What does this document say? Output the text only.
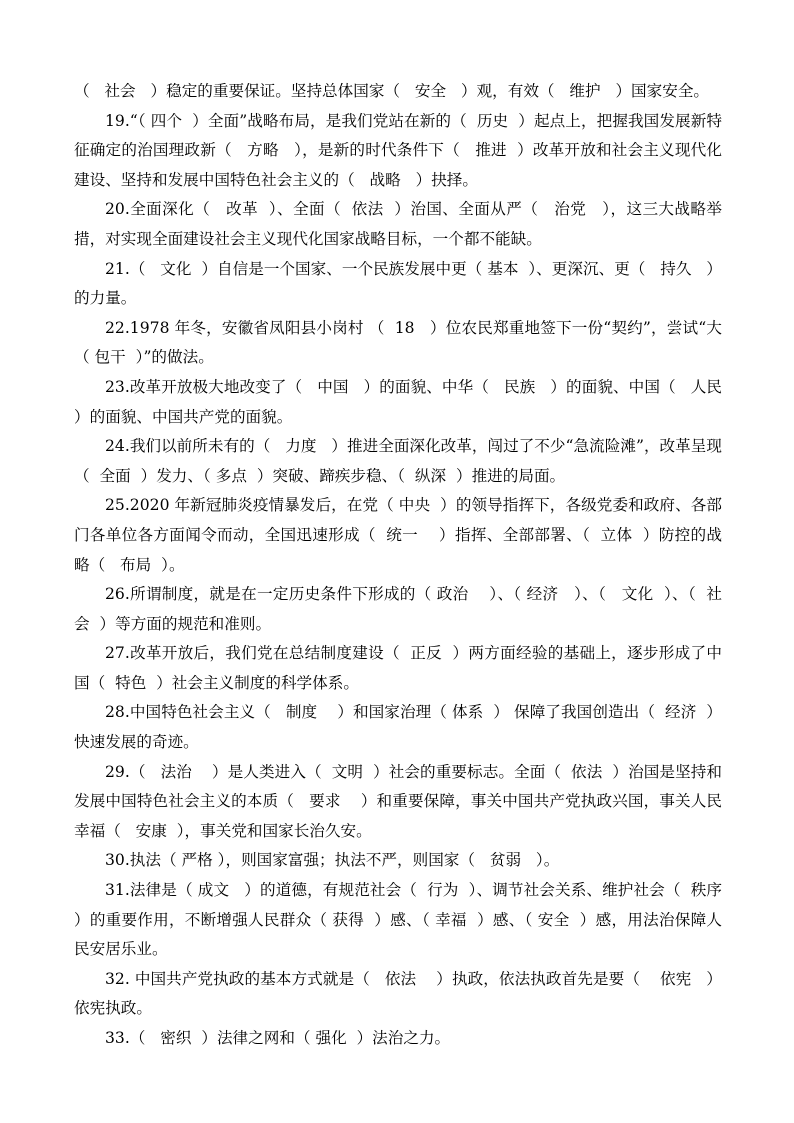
（   社会   ）稳定的重要保证。坚持总体国家（   安全   ）观，有效（   维护   ）国家安全。

19.“（ 四个  ）全面”战略布局，是我们党站在新的（  历史  ）起点上，把握我国发展新特征确定的治国理政新（   方略   ），是新的时代条件下（   推进  ）改革开放和社会主义现代化建设、坚持和发展中国特色社会主义的（   战略   ）抉择。

20.全面深化（   改革  ）、全面（  依法  ）治国、全面从严（   治党   ），这三大战略举措，对实现全面建设社会主义现代化国家战略目标，一个都不能缺。

21.（   文化  ）自信是一个国家、一个民族发展中更（ 基本  ）、更深沉、更（   持久   ）的力量。

22.1978 年冬，安徽省凤阳县小岗村 （  18   ）位农民郑重地签下一份“契约”，尝试“大（ 包干  ）”的做法。

23.改革开放极大地改变了（   中国   ）的面貌、中华（   民族   ）的面貌、中国（   人民  ）的面貌、中国共产党的面貌。

24.我们以前所未有的（   力度   ）推进全面深化改革，闯过了不少“急流险滩”，改革呈现（  全面  ）发力、（ 多点  ）突破、蹄疾步稳、（  纵深  ）推进的局面。

25.2020 年新冠肺炎疫情暴发后，在党（ 中央  ）的领导指挥下，各级党委和政府、各部门各单位各方面闻令而动，全国迅速形成（  统一    ）指挥、全部部署、（  立体  ）防控的战略（   布局  ）。

26.所谓制度，就是在一定历史条件下形成的（ 政治    ）、（ 经济   ）、（   文化  ）、（  社会  ）等方面的规范和准则。

27.改革开放后，我们党在总结制度建设（  正反  ）两方面经验的基础上，逐步形成了中国（  特色  ）社会主义制度的科学体系。

28.中国特色社会主义（   制度    ）和国家治理（ 体系  ） 保障了我国创造出（  经济  ）快速发展的奇迹。

29.（   法治    ）是人类进入（  文明  ）社会的重要标志。全面（  依法  ）治国是坚持和发展中国特色社会主义的本质（   要求    ）和重要保障，事关中国共产党执政兴国，事关人民幸福（   安康  ），事关党和国家长治久安。

30.执法（ 严格 ），则国家富强；执法不严，则国家（   贫弱   ）。

31.法律是（ 成文   ）的道德，有规范社会（  行为  ）、调节社会关系、维护社会（  秩序  ）的重要作用，不断增强人民群众（ 获得  ）感、（ 幸福  ）感、（ 安全  ）感，用法治保障人民安居乐业。

32. 中国共产党执政的基本方式就是（   依法    ）执政，依法执政首先是要（    依宪   ）依宪执政。

33.（   密织  ）法律之网和（ 强化  ）法治之力。
